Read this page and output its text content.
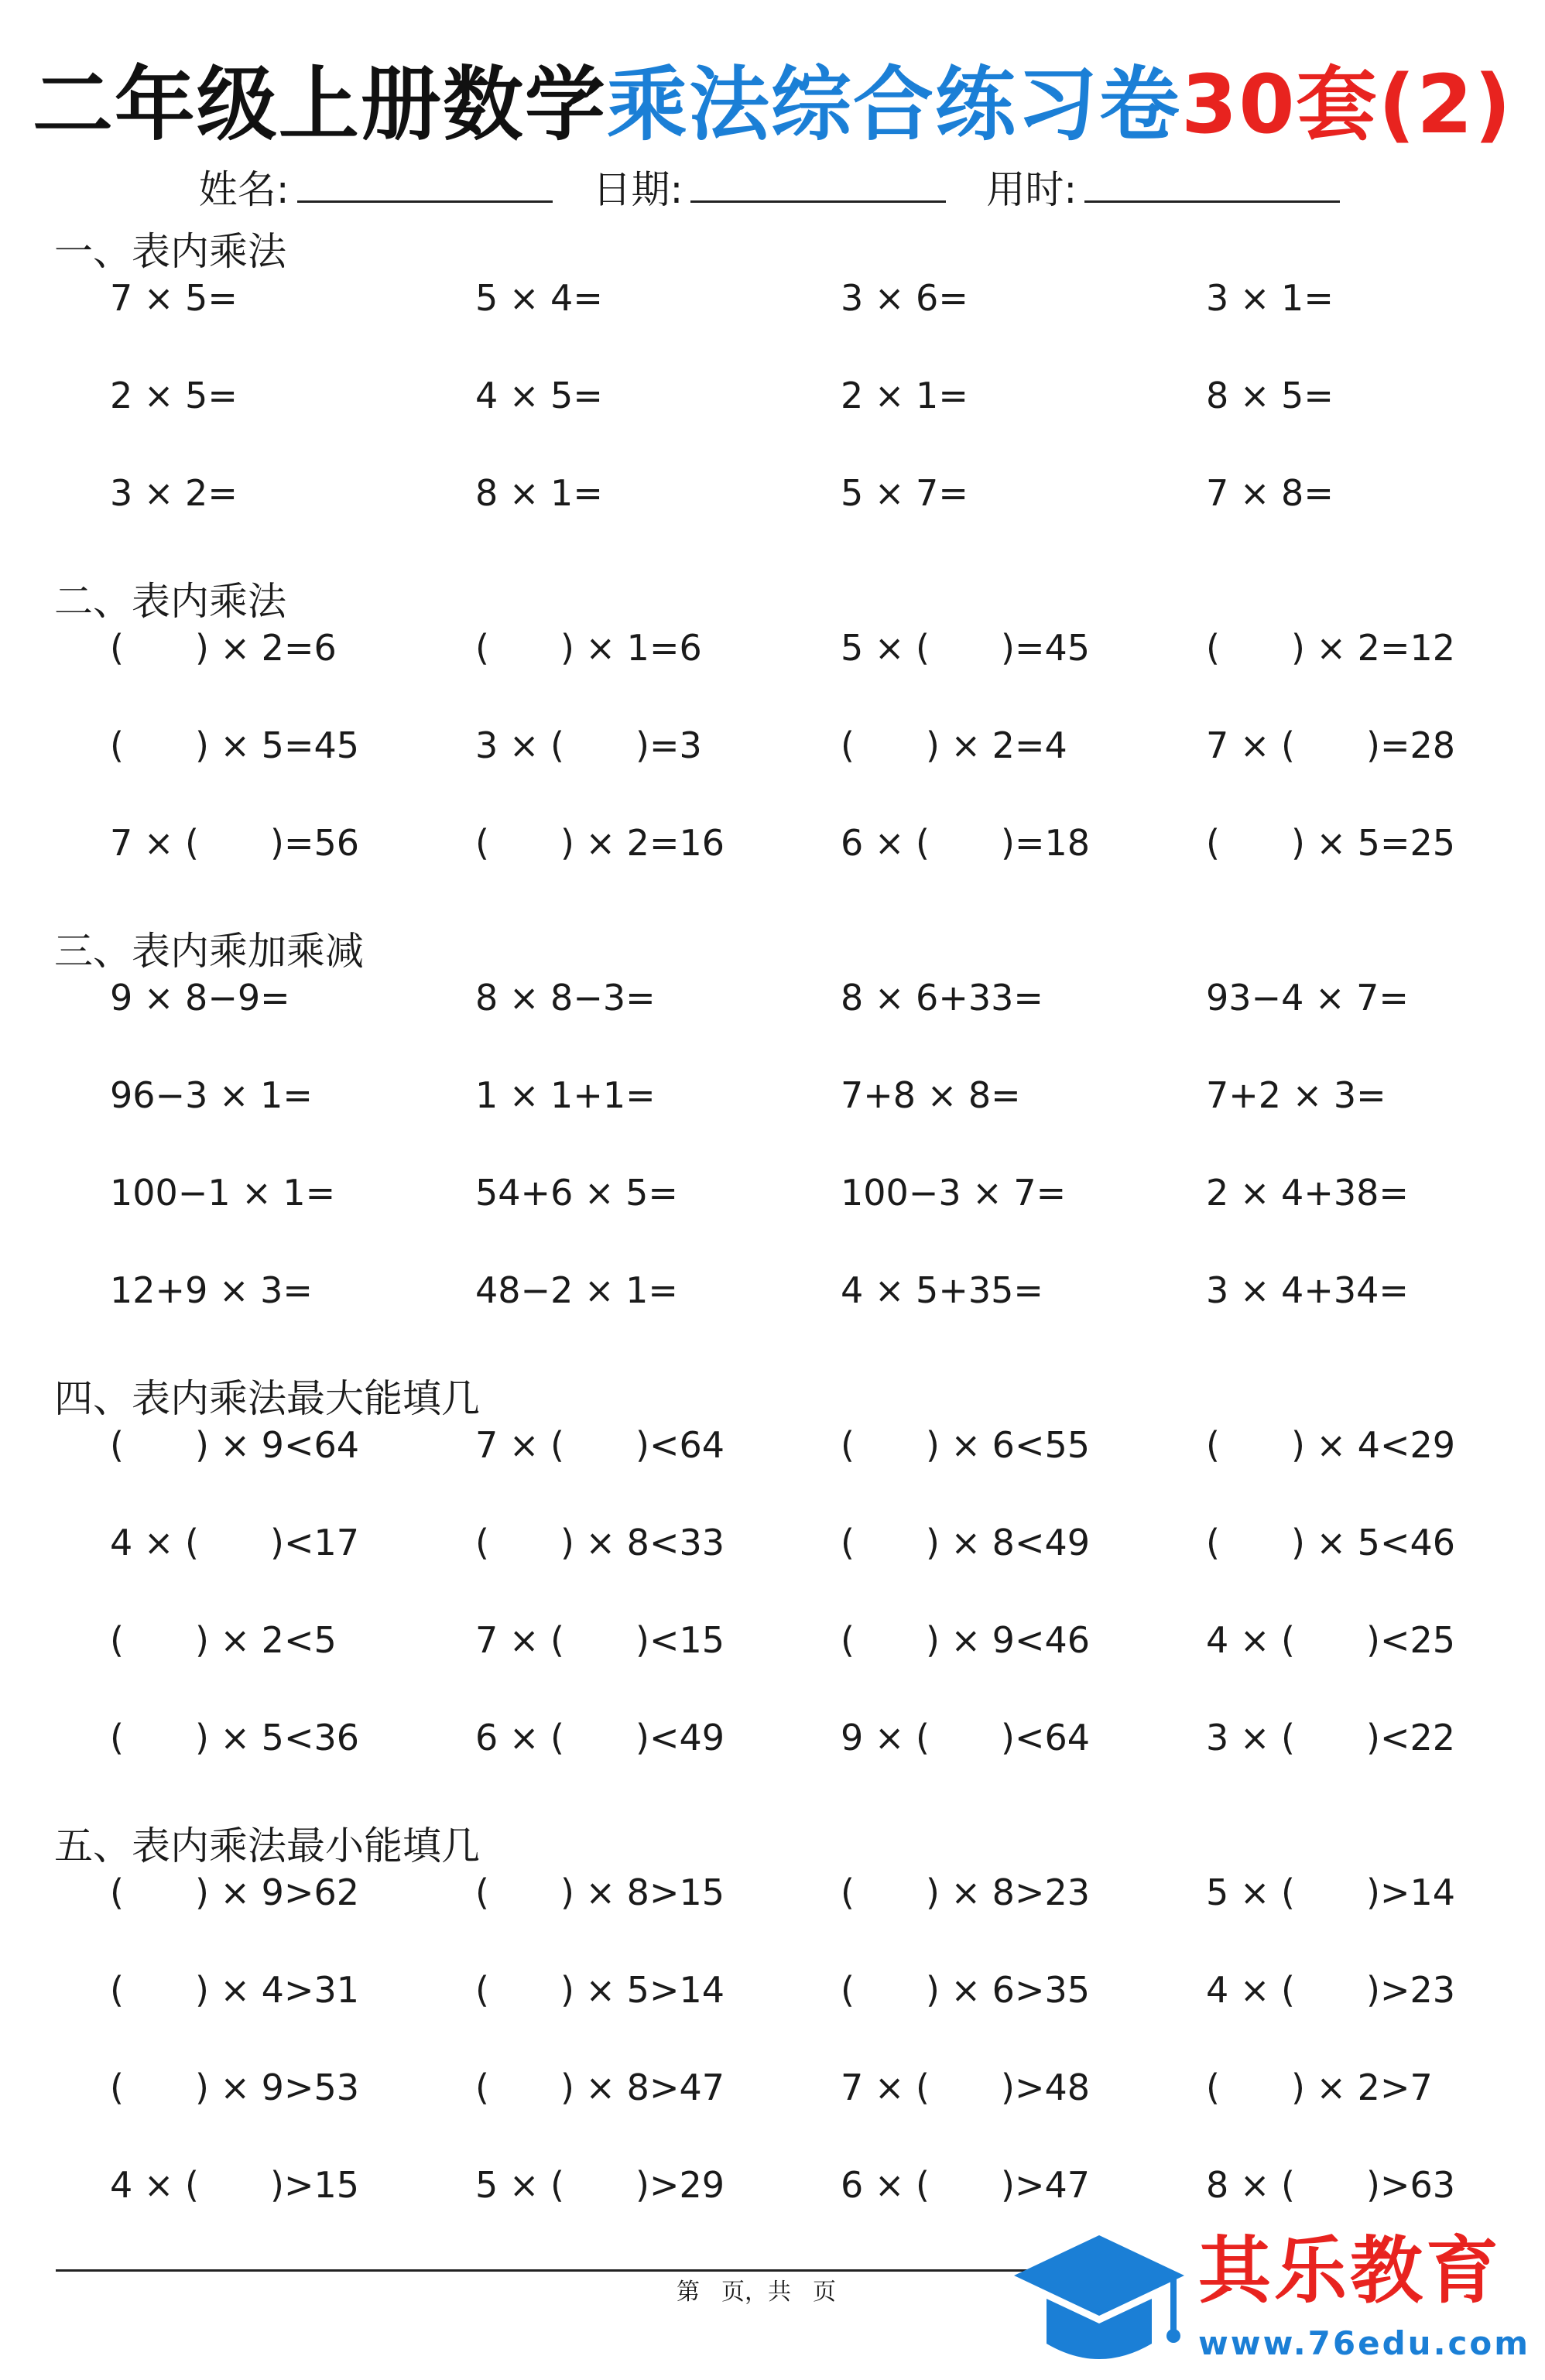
二年级上册数学乘法综合练习卷30套(2)
姓名:	日期:	用时:
一、表内乘法
7 × 5=	5 × 4=	3 × 6=	3 × 1=
2 × 5=	4 × 5=	2 × 1=	8 × 5=
3 × 2=	8 × 1=	5 × 7=	7 × 8=
二、表内乘法
(　　) × 2=6	(　　) × 1=6	5 × (　　)=45	(　　) × 2=12
(　　) × 5=45	3 × (　　)=3	(　　) × 2=4	7 × (　　)=28
7 × (　　)=56	(　　) × 2=16	6 × (　　)=18	(　　) × 5=25
三、表内乘加乘减
9 × 8−9=	8 × 8−3=	8 × 6+33=	93−4 × 7=
96−3 × 1=	1 × 1+1=	7+8 × 8=	7+2 × 3=
100−1 × 1=	54+6 × 5=	100−3 × 7=	2 × 4+38=
12+9 × 3=	48−2 × 1=	4 × 5+35=	3 × 4+34=
四、表内乘法最大能填几
(　　) × 9<64	7 × (　　)<64	(　　) × 6<55	(　　) × 4<29
4 × (　　)<17	(　　) × 8<33	(　　) × 8<49	(　　) × 5<46
(　　) × 2<5	7 × (　　)<15	(　　) × 9<46	4 × (　　)<25
(　　) × 5<36	6 × (　　)<49	9 × (　　)<64	3 × (　　)<22
五、表内乘法最小能填几
(　　) × 9>62	(　　) × 8>15	(　　) × 8>23	5 × (　　)>14
(　　) × 4>31	(　　) × 5>14	(　　) × 6>35	4 × (　　)>23
(　　) × 9>53	(　　) × 8>47	7 × (　　)>48	(　　) × 2>7
4 × (　　)>15	5 × (　　)>29	6 × (　　)>47	8 × (　　)>63
第 页，共 页	其乐教育
www.76edu.com
